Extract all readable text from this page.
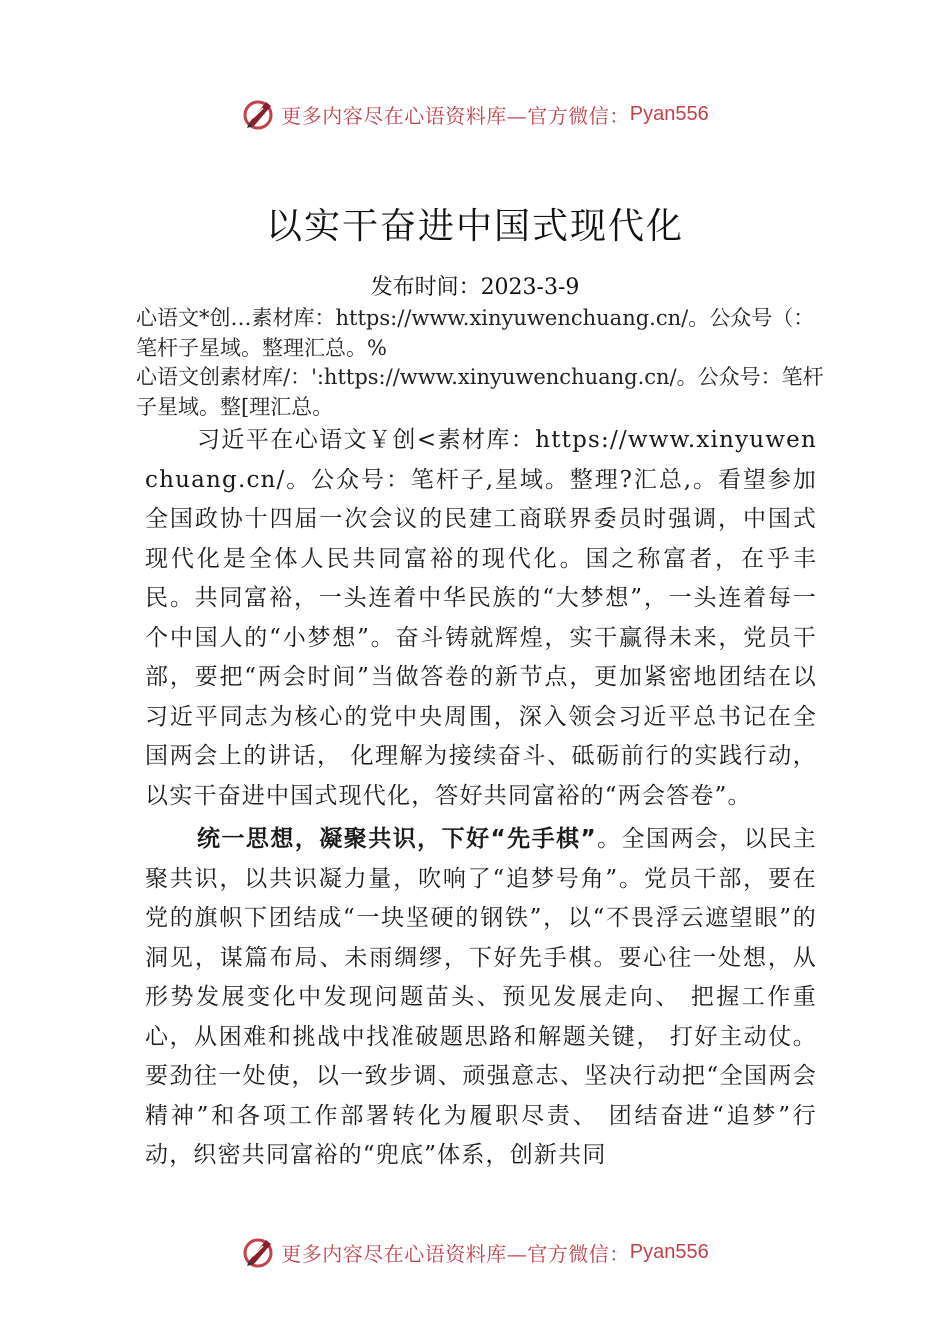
更多内容尽在心语资料库—官方微信： Pyan556
以实干奋进中国式现代化
发布时间：2023-3-9
心语文*创…素材库：https://www.xinyuwenchuang.cn/。公众号（：笔杆子星域。整理汇总。%
心语文创素材库/：':https://www.xinyuwenchuang.cn/。公众号：笔杆子星域。整[理汇总。

习近平在心语文￥创<素材库：https://www.xinyuwenchuang.cn/。公众号：笔杆子,星域。整理?汇总,。看望参加全国政协十四届一次会议的民建工商联界委员时强调，中国式现代化是全体人民共同富裕的现代化。国之称富者，在乎丰民。共同富裕，一头连着中华民族的“大梦想”，一头连着每一个中国人的“小梦想”。奋斗铸就辉煌，实干赢得未来，党员干部，要把“两会时间”当做答卷的新节点，更加紧密地团结在以习近平同志为核心的党中央周围，深入领会习近平总书记在全国两会上的讲话， 化理解为接续奋斗、砥砺前行的实践行动，以实干奋进中国式现代化，答好共同富裕的“两会答卷”。

统一思想，凝聚共识，下好“先手棋”。全国两会，以民主聚共识，以共识凝力量，吹响了“追梦号角”。党员干部，要在党的旗帜下团结成“一块坚硬的钢铁”，以“不畏浮云遮望眼”的洞见，谋篇布局、未雨绸缪，下好先手棋。要心往一处想，从形势发展变化中发现问题苗头、预见发展走向、 把握工作重心，从困难和挑战中找准破题思路和解题关键， 打好主动仗。要劲往一处使，以一致步调、顽强意志、坚决行动把“全国两会精神”和各项工作部署转化为履职尽责、 团结奋进“追梦”行动，织密共同富裕的“兜底”体系，创新共同

更多内容尽在心语资料库—官方微信： Pyan556
